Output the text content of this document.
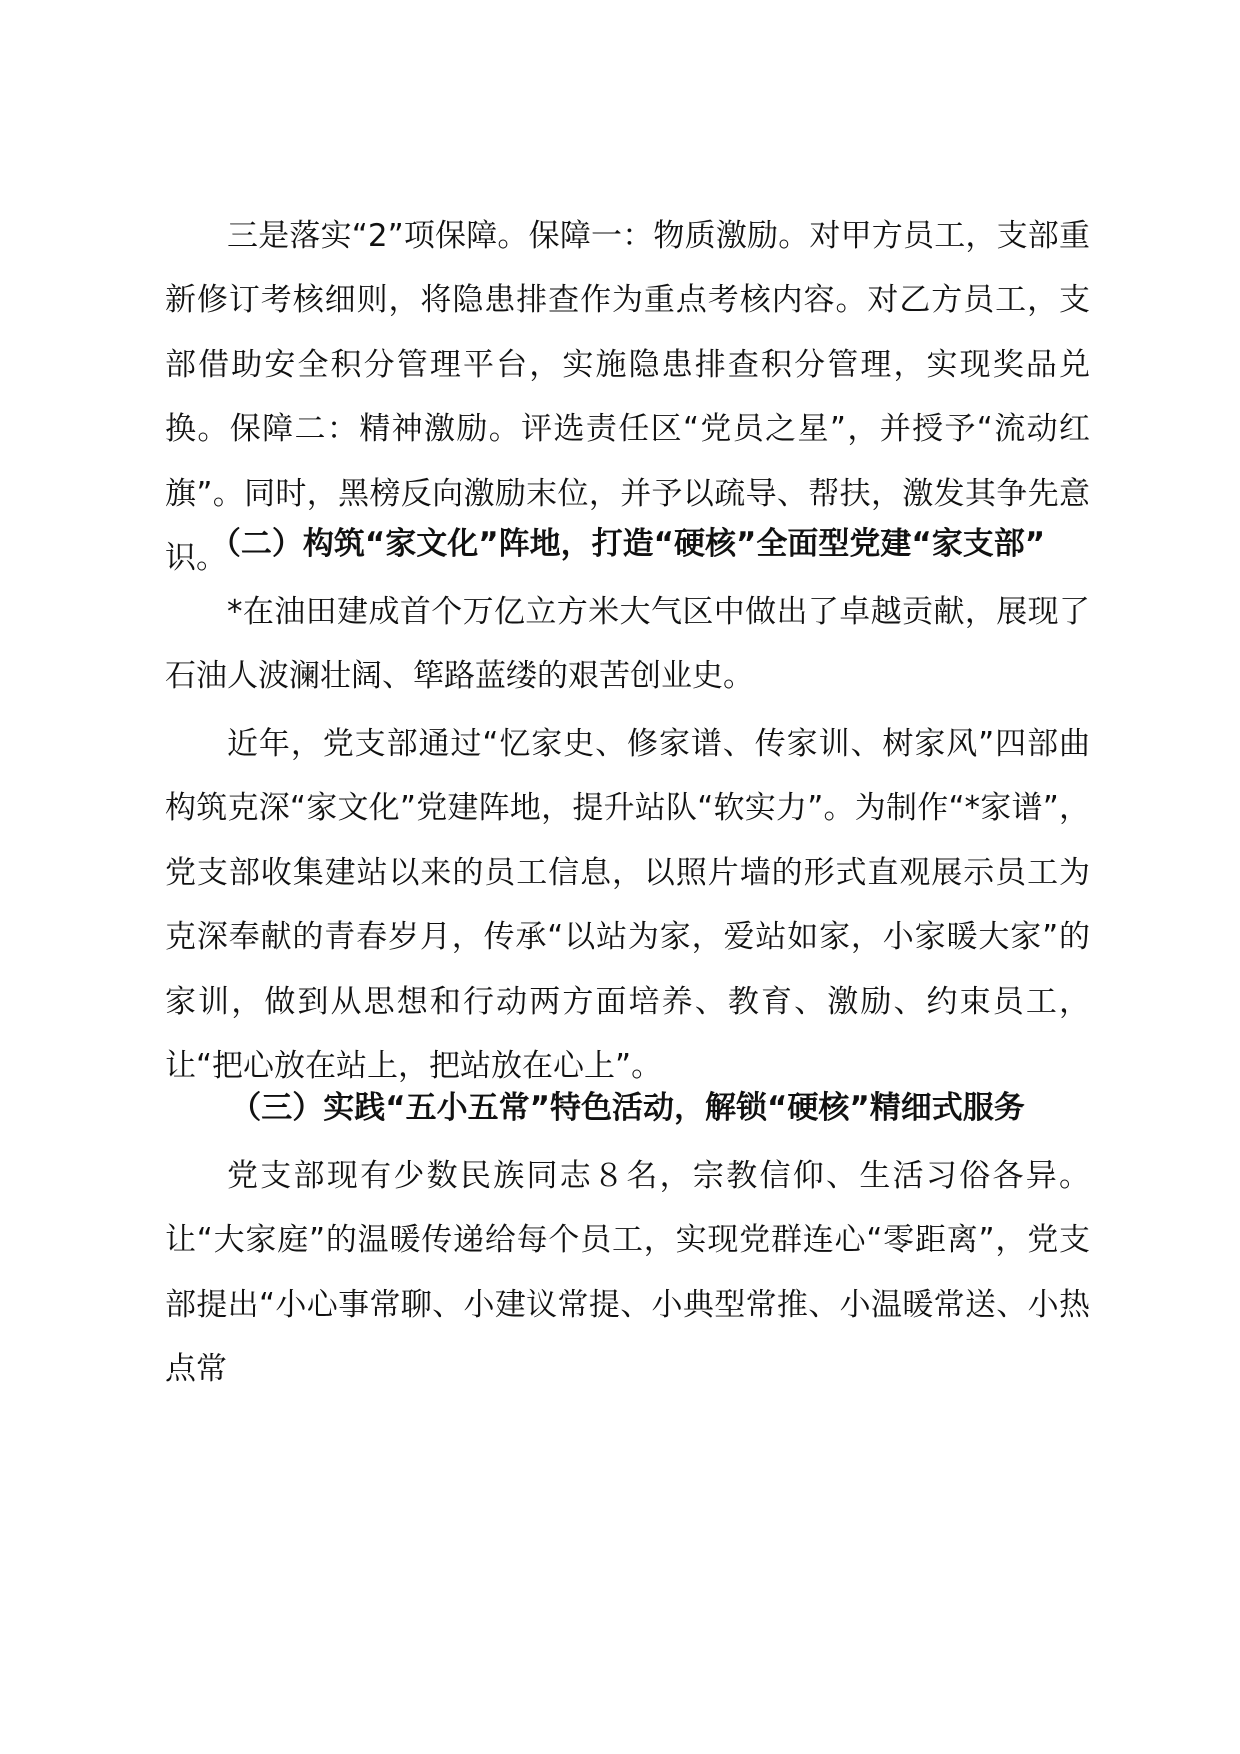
三是落实“2”项保障。保障一：物质激励。对甲方员工，支部重新修订考核细则，将隐患排查作为重点考核内容。对乙方员工，支部借助安全积分管理平台，实施隐患排查积分管理，实现奖品兑换。保障二：精神激励。评选责任区“党员之星”，并授予“流动红旗”。同时，黑榜反向激励末位，并予以疏导、帮扶，激发其争先意识。

（二）构筑“家文化”阵地，打造“硬核”全面型党建“家支部”

*在油田建成首个万亿立方米大气区中做出了卓越贡献，展现了石油人波澜壮阔、筚路蓝缕的艰苦创业史。

近年，党支部通过“忆家史、修家谱、传家训、树家风”四部曲构筑克深“家文化”党建阵地，提升站队“软实力”。为制作“*家谱”，党支部收集建站以来的员工信息，以照片墙的形式直观展示员工为克深奉献的青春岁月，传承“以站为家，爱站如家，小家暖大家”的家训，做到从思想和行动两方面培养、教育、激励、约束员工，让“把心放在站上，把站放在心上”。

（三）实践“五小五常”特色活动，解锁“硬核”精细式服务

党支部现有少数民族同志８名，宗教信仰、生活习俗各异。让“大家庭”的温暖传递给每个员工，实现党群连心“零距离”，党支部提出“小心事常聊、小建议常提、小典型常推、小温暖常送、小热点常
